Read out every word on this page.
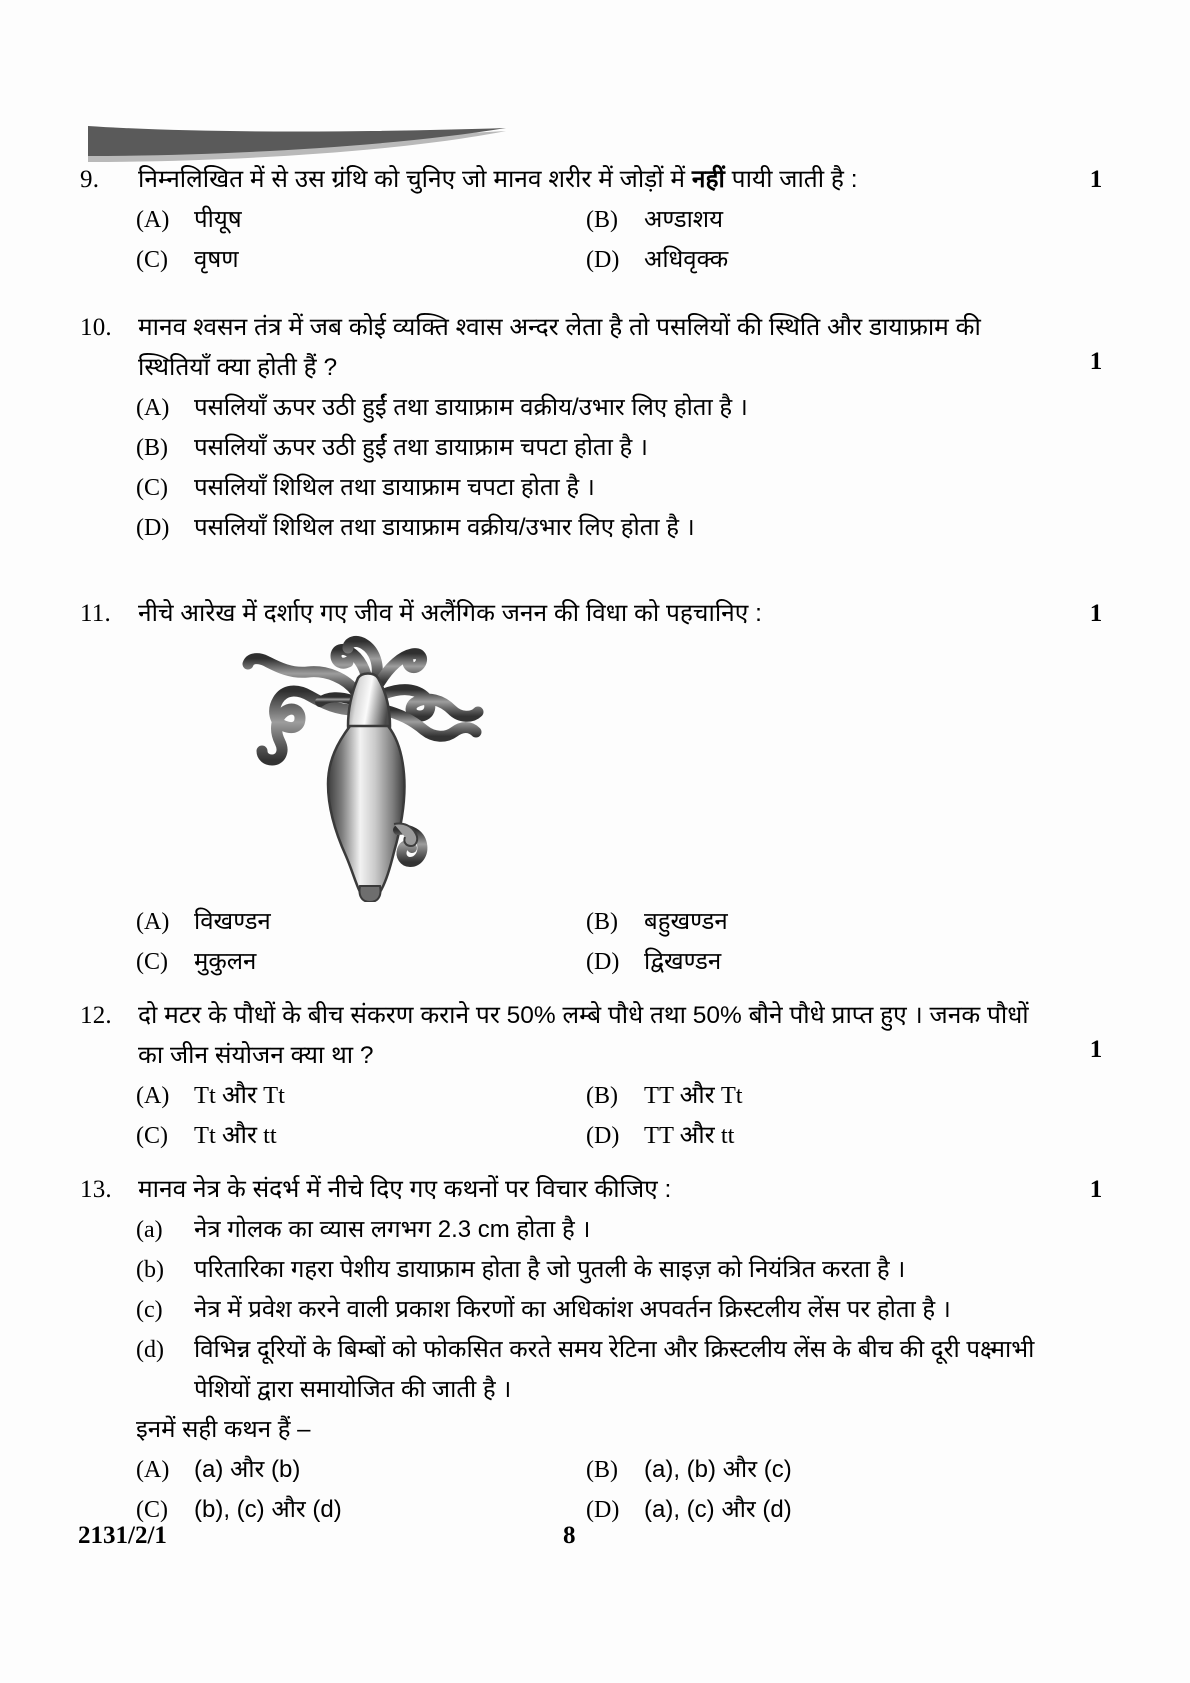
9.	निम्नलिखित में से उस ग्रंथि को चुनिए जो मानव शरीर में जोड़ों में नहीं पायी जाती है :	1
(A)	पीयूष	(B)	अण्डाशय
(C)	वृषण	(D)	अधिवृक्क
10.	मानव श्वसन तंत्र में जब कोई व्यक्ति श्वास अन्दर लेता है तो पसलियों की स्थिति और डायाफ्राम की स्थितियाँ क्या होती हैं ?	1
(A)	पसलियाँ ऊपर उठी हुईं तथा डायाफ्राम वक्रीय/उभार लिए होता है ।
(B)	पसलियाँ ऊपर उठी हुईं तथा डायाफ्राम चपटा होता है ।
(C)	पसलियाँ शिथिल तथा डायाफ्राम चपटा होता है ।
(D)	पसलियाँ शिथिल तथा डायाफ्राम वक्रीय/उभार लिए होता है ।
11.	नीचे आरेख में दर्शाए गए जीव में अलैंगिक जनन की विधा को पहचानिए :	1
(A)	विखण्डन	(B)	बहुखण्डन
(C)	मुकुलन	(D)	द्विखण्डन
12.	दो मटर के पौधों के बीच संकरण कराने पर 50% लम्बे पौधे तथा 50% बौने पौधे प्राप्त हुए । जनक पौधों का जीन संयोजन क्या था ?	1
(A)	Tt और Tt	(B)	TT और Tt
(C)	Tt और tt	(D)	TT और tt
13.	मानव नेत्र के संदर्भ में नीचे दिए गए कथनों पर विचार कीजिए :	1
(a)	नेत्र गोलक का व्यास लगभग 2.3 cm होता है ।
(b)	परितारिका गहरा पेशीय डायाफ्राम होता है जो पुतली के साइज़ को नियंत्रित करता है ।
(c)	नेत्र में प्रवेश करने वाली प्रकाश किरणों का अधिकांश अपवर्तन क्रिस्टलीय लेंस पर होता है ।
(d)	विभिन्न दूरियों के बिम्बों को फोकसित करते समय रेटिना और क्रिस्टलीय लेंस के बीच की दूरी पक्ष्माभी पेशियों द्वारा समायोजित की जाती है ।
इनमें सही कथन हैं –
(A)	(a) और (b)	(B)	(a), (b) और (c)
(C)	(b), (c) और (d)	(D)	(a), (c) और (d)
2131/2/1	8
